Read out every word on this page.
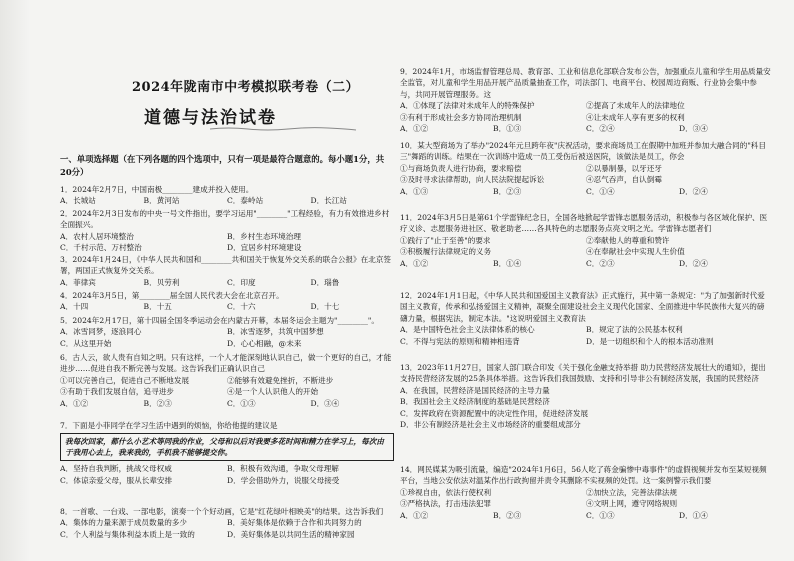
2024年陇南市中考模拟联考卷（二）
道德与法治试卷
一、单项选择题（在下列各题的四个选项中，只有一项是最符合题意的。每小题1分，共20分）
1．2024年2月7日，中国南极________建成并投入使用。
A．长城站	B．黄河站	C．泰岭站	D．长江站
2．2024年2月3日发布的中央一号文件指出，要学习运用"________"工程经验，有力有效推进乡村全面振兴。
A．农村人居环境整治	B．乡村生态环境治理
C．千村示范、万村整治	D．宜居乡村环境建设
3．2024年1月24日，《中华人民共和国和________共和国关于恢复外交关系的联合公报》在北京签署，两国正式恢复外交关系。
A．菲律宾	B．贝劳利	C．印度	D．瑙鲁
4．2024年3月5日，第________届全国人民代表大会在北京召开。
A．十四	B．十五	C．十六	D．十七
5．2024年2月17日，第十四届全国冬季运动会在内蒙古开幕，本届冬运会主题为"________"。
A．冰雪同梦，逐浪同心	B．冰雪逐梦，共筑中国梦想
C．从这里开始	D．心心相融，@未来
6．古人云，欲人贵有自知之明。只有这样，一个人才能深刻地认识自己，做一个更好的自己，才能进步……促进自我不断完善与发展。这告诉我们正确认识自己
①可以完善自己，促进自己不断地发展	②能够有效避免挫折，不断进步
③有助于我们发展自信，追寻进步	④是一个人认识他人的开始
A．①②	B．②③	C．①③	D．③④
7．下面是小菲同学在学习生活中遇到的烦恼，你给他提的建议是
我每次回家，都什么小艺术等同我的作业，父母和以后对我要多花时间和精力在学习上，每次由于我用心去上，我来我的，手机我不能够提交你。
A．坚持自我判断，挑战父母权威	B．积极有效沟通，争取父母理解
C．体谅亲爱父母，服从长辈安排	D．学会借助外力，说服父母接受
8．一首歌、一台戏、一部电影，演奏一个个好动画，它是"红花绿叶相映美"的结果。这告诉我们
A．集体的力量来源于成员数量的多少	B．美好集体是依赖于合作和共同努力的
C．个人利益与集体利益本质上是一致的	D．美好集体是以共同生活的精神家园
9．2024年1月，市场监督管理总局、教育部、工业和信息化部联合发布公告，加强重点儿童和学生用品质量安全监管，对儿童和学生用品开展产品质量抽查工作，司法部门、电商平台、校园周边商贩、行业协会集中参与，共同开展管理服务。这
A．①体现了法律对未成年人的特殊保护	②提高了未成年人的法律地位
③有利于形成社会多方协同治理机制	④让未成年人享有更多的权利
A．①②	B．①③	C．②④	D．③④
10．某大型商场为了举办"2024年元旦跨年夜"庆祝活动，要求商场员工在假期中加班并参加大融合同的"科目三"舞蹈的训练。结果在一次训练中造成一员工受伤后被送医院，该做法是员工，你会
①与商场负责人进行协商，要求赔偿	②以暴制暴，以牙还牙
③及时寻求法律帮助，向人民法院提起诉讼	④忍气吞声，自认倒霉
A．①③	B．②③	C．①④	D．②④
11．2024年3月5日是第61个学雷锋纪念日，全国各地掀起学雷锋志愿服务活动，积极参与各区域化保护、医疗义诊、志愿服务进社区、敬老助老……各具特色的志愿服务点亮文明之光。学雷锋志愿者们
①践行了"止于至善"的要求	②奉献他人的尊重和赞许
③积极履行法律规定的义务	④在奉献社会中实现人生价值
A．①②	B．①④	C．②③	D．②④
12．2024年1月1日起，《中华人民共和国爱国主义教育法》正式施行，其中第一条规定："为了加强新时代爱国主义教育，传承和弘扬爱国主义精神，凝聚全面建设社会主义现代化国家、全面推进中华民族伟大复兴的磅礴力量，根据宪法，制定本法。"这说明爱国主义教育法
A．是中国特色社会主义法律体系的核心	B．规定了法的公民基本权利
C．不得与宪法的原则和精神相违背	D．是一切组织和个人的根本活动准则
13．2023年11月27日，国家人部门联合印发《关于强化金融支持举措 助力民营经济发展壮大的通知》，提出支持民营经济发展的25条具体举措。这告诉我们我国鼓励、支持和引导非公有制经济发展，我国的民营经济
A．在我国，民营经济是国民经济的主导力量
B．我国社会主义经济制度的基础是民营经济
C．发挥政府在资源配置中的决定性作用，促进经济发展
D．非公有制经济是社会主义市场经济的重要组成部分
14．网民媒某为吸引流量，编造"2024年1月6日，56人吃了蒋金骗惨中毒事件"的虚假视频并发布至某短视频平台，当地公安依法对温某作出行政拘留并责令其删除不实视频的处罚。这一案例警示我们要
①珍视自由，依法行使权利	②加快立法，完善法律法规
③严格执法，打击违法犯罪	④文明上网，遵守网络规则
A．①②	B．②③	C．①③	D．①④
